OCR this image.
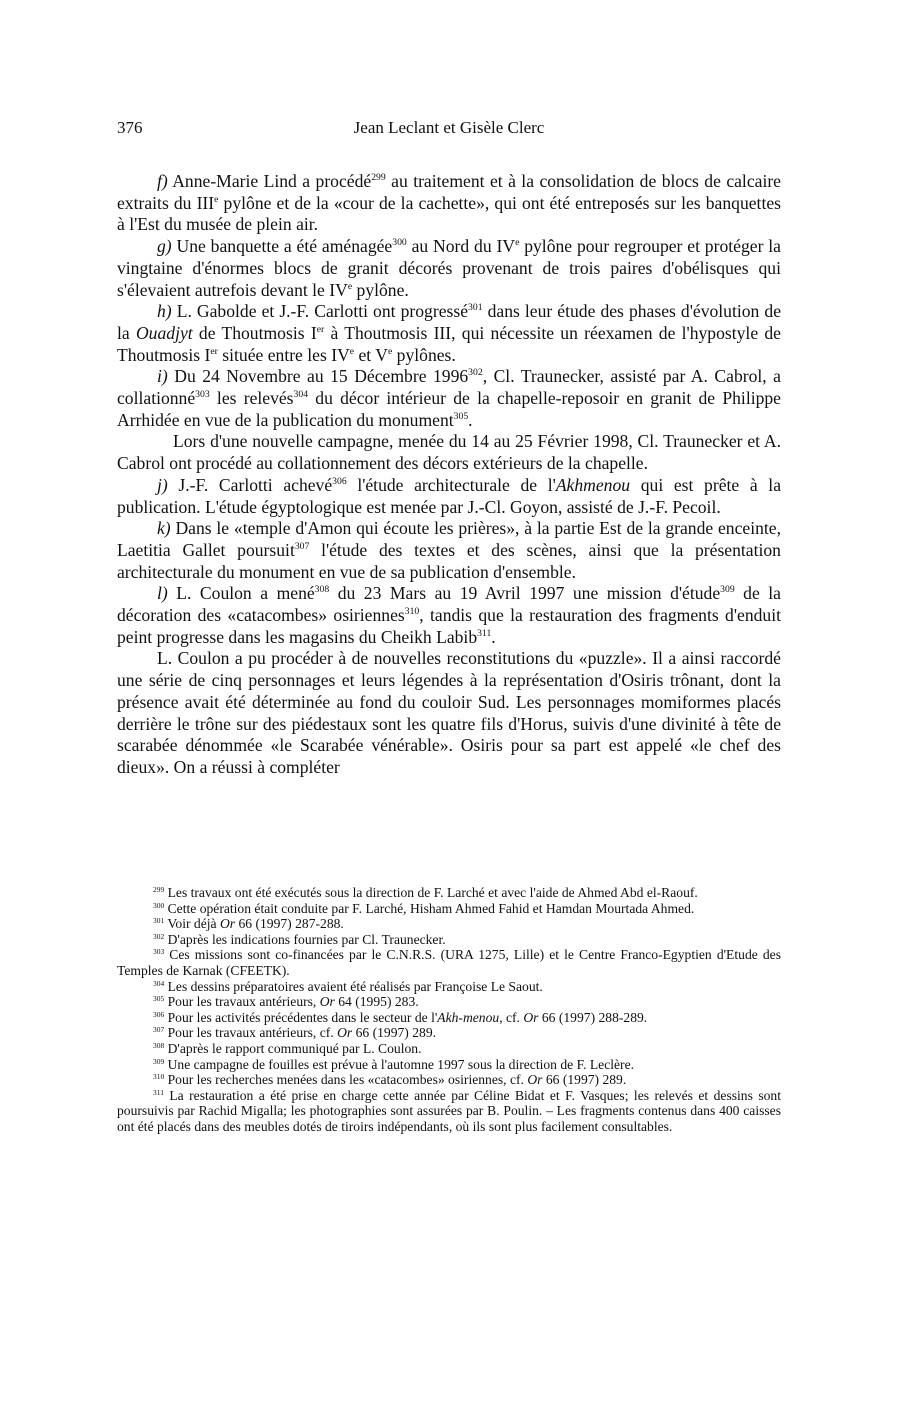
376	Jean Leclant et Gisèle Clerc

f) Anne-Marie Lind a procédé$^{299}$ au traitement et à la consolidation de blocs de calcaire extraits du IIIe pylône et de la «cour de la cachette», qui ont été entreposés sur les banquettes à l'Est du musée de plein air.

g) Une banquette a été aménagée$^{300}$ au Nord du IVe pylône pour regrouper et protéger la vingtaine d'énormes blocs de granit décorés provenant de trois paires d'obélisques qui s'élevaient autrefois devant le IVe pylône.

h) L. Gabolde et J.-F. Carlotti ont progressé$^{301}$ dans leur étude des phases d'évolution de la Ouadjyt de Thoutmosis Ier à Thoutmosis III, qui nécessite un réexamen de l'hypostyle de Thoutmosis Ier située entre les IVe et Ve pylônes.

i) Du 24 Novembre au 15 Décembre 1996$^{302}$, Cl. Traunecker, assisté par A. Cabrol, a collationné$^{303}$ les relevés$^{304}$ du décor intérieur de la chapelle-reposoir en granit de Philippe Arrhidée en vue de la publication du monument$^{305}$.

Lors d'une nouvelle campagne, menée du 14 au 25 Février 1998, Cl. Traunecker et A. Cabrol ont procédé au collationnement des décors extérieurs de la chapelle.

j) J.-F. Carlotti achevé$^{306}$ l'étude architecturale de l'Akhmenou qui est prête à la publication. L'étude égyptologique est menée par J.-Cl. Goyon, assisté de J.-F. Pecoil.

k) Dans le «temple d'Amon qui écoute les prières», à la partie Est de la grande enceinte, Laetitia Gallet poursuit$^{307}$ l'étude des textes et des scènes, ainsi que la présentation architecturale du monument en vue de sa publication d'ensemble.

l) L. Coulon a mené$^{308}$ du 23 Mars au 19 Avril 1997 une mission d'étude$^{309}$ de la décoration des «catacombes» osiriennes$^{310}$, tandis que la restauration des fragments d'enduit peint progresse dans les magasins du Cheikh Labib$^{311}$.

L. Coulon a pu procéder à de nouvelles reconstitutions du «puzzle». Il a ainsi raccordé une série de cinq personnages et leurs légendes à la représentation d'Osiris trônant, dont la présence avait été déterminée au fond du couloir Sud. Les personnages momiformes placés derrière le trône sur des piédestaux sont les quatre fils d'Horus, suivis d'une divinité à tête de scarabée dénommée «le Scarabée vénérable». Osiris pour sa part est appelé «le chef des dieux». On a réussi à compléter

$^{299}$ Les travaux ont été exécutés sous la direction de F. Larché et avec l'aide de Ahmed Abd el-Raouf.

$^{300}$ Cette opération était conduite par F. Larché, Hisham Ahmed Fahid et Hamdan Mourtada Ahmed.

$^{301}$ Voir déjà Or 66 (1997) 287-288.

$^{302}$ D'après les indications fournies par Cl. Traunecker.

$^{303}$ Ces missions sont co-financées par le C.N.R.S. (URA 1275, Lille) et le Centre Franco-Egyptien d'Etude des Temples de Karnak (CFEETK).

$^{304}$ Les dessins préparatoires avaient été réalisés par Françoise Le Saout.

$^{305}$ Pour les travaux antérieurs, Or 64 (1995) 283.

$^{306}$ Pour les activités précédentes dans le secteur de l'Akh-menou, cf. Or 66 (1997) 288-289.

$^{307}$ Pour les travaux antérieurs, cf. Or 66 (1997) 289.

$^{308}$ D'après le rapport communiqué par L. Coulon.

$^{309}$ Une campagne de fouilles est prévue à l'automne 1997 sous la direction de F. Leclère.

$^{310}$ Pour les recherches menées dans les «catacombes» osiriennes, cf. Or 66 (1997) 289.

$^{311}$ La restauration a été prise en charge cette année par Céline Bidat et F. Vasques; les relevés et dessins sont poursuivis par Rachid Migalla; les photographies sont assurées par B. Poulin. – Les fragments contenus dans 400 caisses ont été placés dans des meubles dotés de tiroirs indépendants, où ils sont plus facilement consultables.
